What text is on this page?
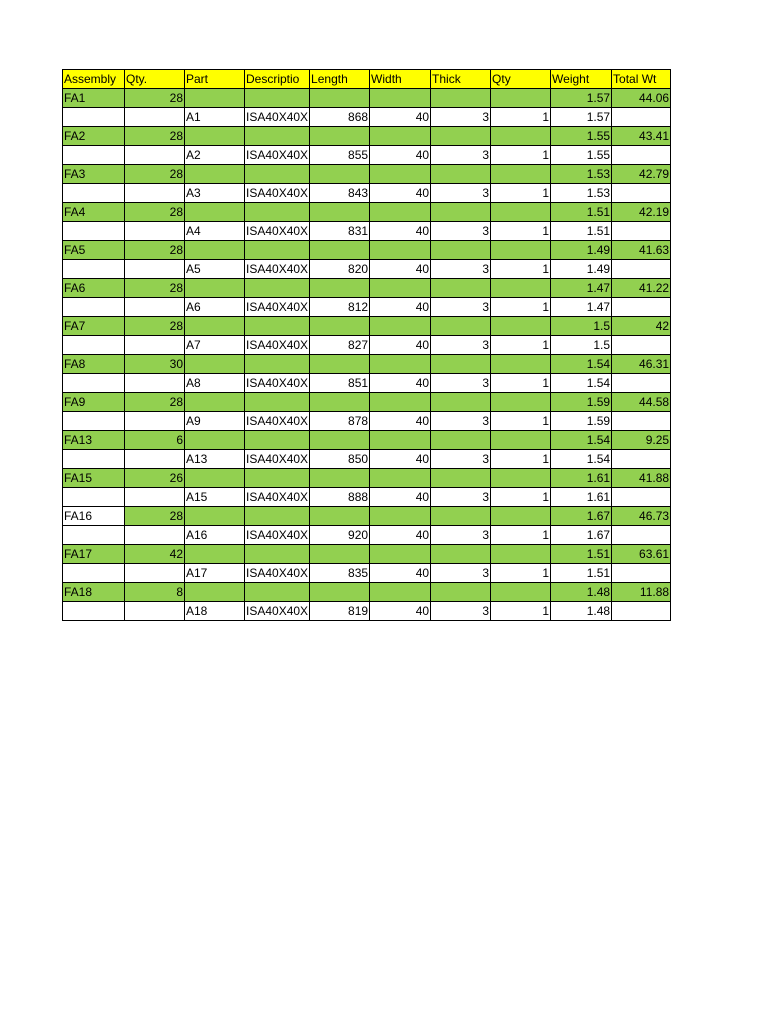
Assembly	Qty.	Part	Descriptio	Length	Width	Thick	Qty	Weight	Total Wt
FA1	28							1.57	44.06
		A1	ISA40X40X	868	40	3	1	1.57	
FA2	28							1.55	43.41
		A2	ISA40X40X	855	40	3	1	1.55	
FA3	28							1.53	42.79
		A3	ISA40X40X	843	40	3	1	1.53	
FA4	28							1.51	42.19
		A4	ISA40X40X	831	40	3	1	1.51	
FA5	28							1.49	41.63
		A5	ISA40X40X	820	40	3	1	1.49	
FA6	28							1.47	41.22
		A6	ISA40X40X	812	40	3	1	1.47	
FA7	28							1.5	42
		A7	ISA40X40X	827	40	3	1	1.5	
FA8	30							1.54	46.31
		A8	ISA40X40X	851	40	3	1	1.54	
FA9	28							1.59	44.58
		A9	ISA40X40X	878	40	3	1	1.59	
FA13	6							1.54	9.25
		A13	ISA40X40X	850	40	3	1	1.54	
FA15	26							1.61	41.88
		A15	ISA40X40X	888	40	3	1	1.61	
FA16	28							1.67	46.73
		A16	ISA40X40X	920	40	3	1	1.67	
FA17	42							1.51	63.61
		A17	ISA40X40X	835	40	3	1	1.51	
FA18	8							1.48	11.88
		A18	ISA40X40X	819	40	3	1	1.48	
